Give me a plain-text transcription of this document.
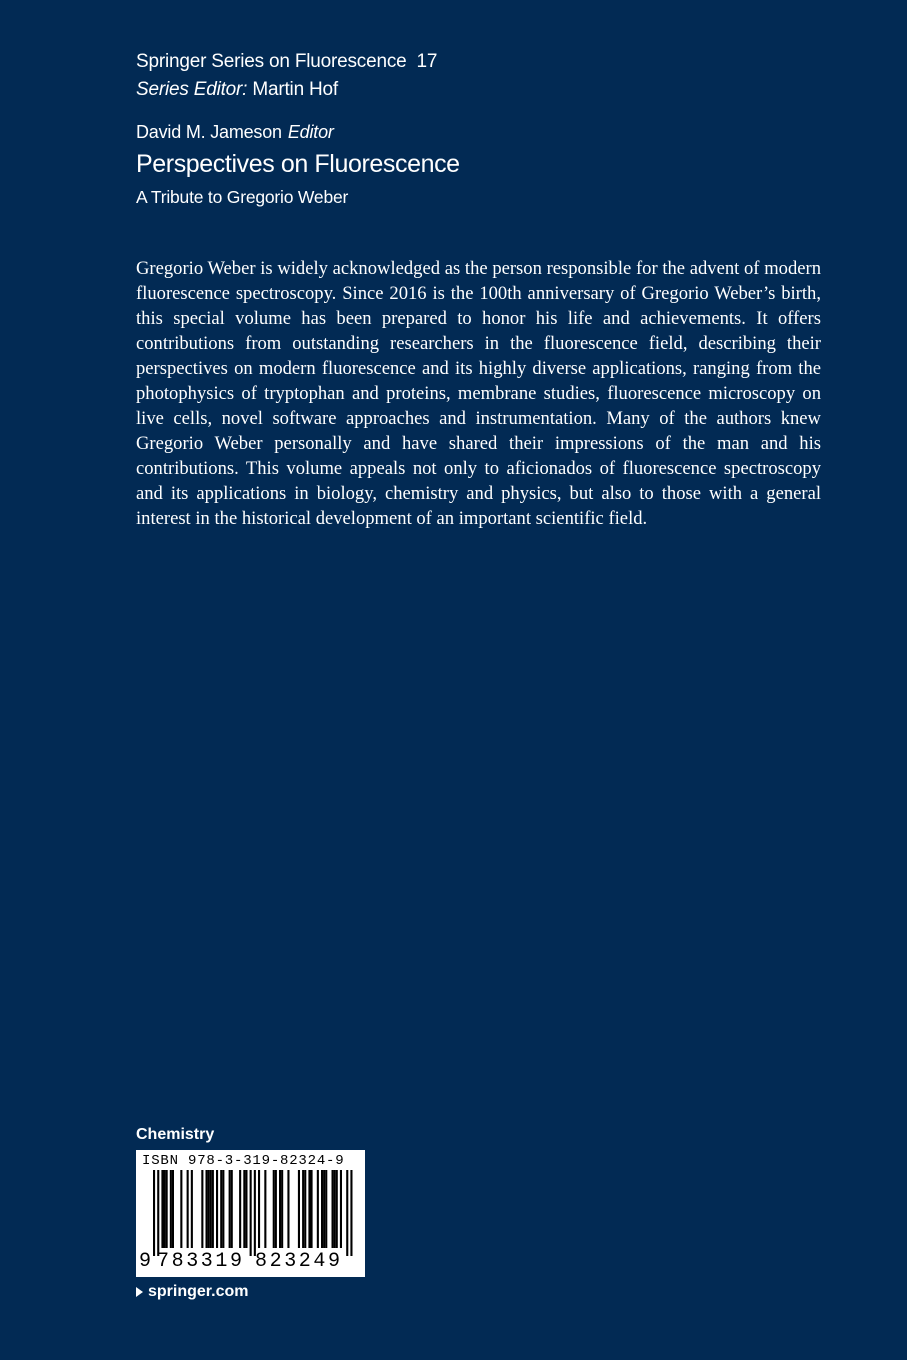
Springer Series on Fluorescence 17
Series Editor: Martin Hof
David M. Jameson Editor
Perspectives on Fluorescence
A Tribute to Gregorio Weber

Gregorio Weber is widely acknowledged as the person responsible for the advent of modern fluorescence spectroscopy. Since 2016 is the 100th anniversary of Gregorio Weber’s birth, this special volume has been prepared to honor his life and achievements. It offers contributions from outstanding researchers in the fluorescence field, describing their perspectives on modern fluorescence and its highly diverse applications, ranging from the photophysics of tryptophan and proteins, membrane studies, fluorescence microscopy on live cells, novel software approaches and instrumentation. Many of the authors knew Gregorio Weber personally and have shared their impressions of the man and his contributions. This volume appeals not only to aficionados of fluorescence spectroscopy and its applications in biology, chemistry and physics, but also to those with a general interest in the historical development of an important scientific field.

Chemistry
ISBN 978-3-319-82324-9
9 783319 823249
springer.com
